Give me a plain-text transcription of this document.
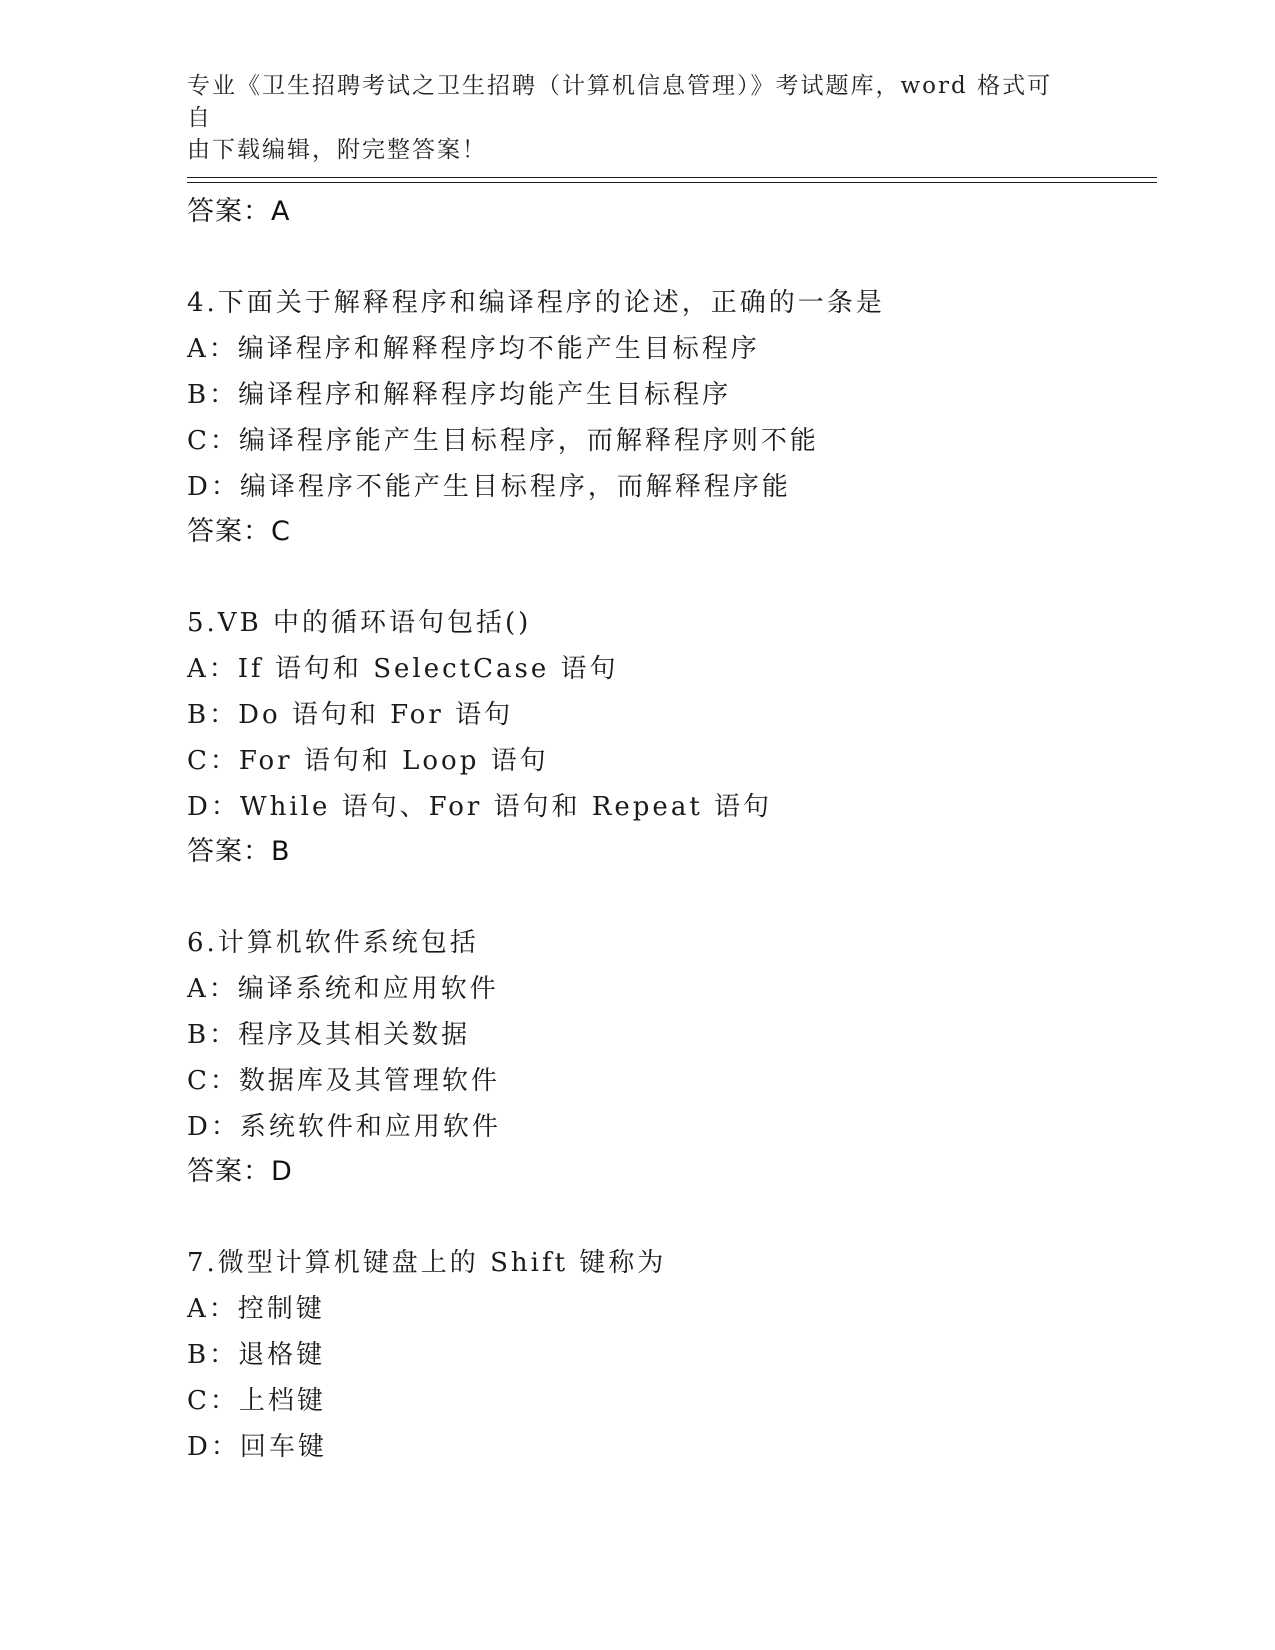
专业《卫生招聘考试之卫生招聘（计算机信息管理）》考试题库，word 格式可自
由下载编辑，附完整答案！
答案：A
4.下面关于解释程序和编译程序的论述，正确的一条是
A：编译程序和解释程序均不能产生目标程序
B：编译程序和解释程序均能产生目标程序
C：编译程序能产生目标程序，而解释程序则不能
D：编译程序不能产生目标程序，而解释程序能
答案：C
5.VB 中的循环语句包括()
A：If 语句和 SelectCase 语句
B：Do 语句和 For 语句
C：For 语句和 Loop 语句
D：While 语句、For 语句和 Repeat 语句
答案：B
6.计算机软件系统包括
A：编译系统和应用软件
B：程序及其相关数据
C：数据库及其管理软件
D：系统软件和应用软件
答案：D
7.微型计算机键盘上的 Shift 键称为
A：控制键
B：退格键
C：上档键
D：回车键
